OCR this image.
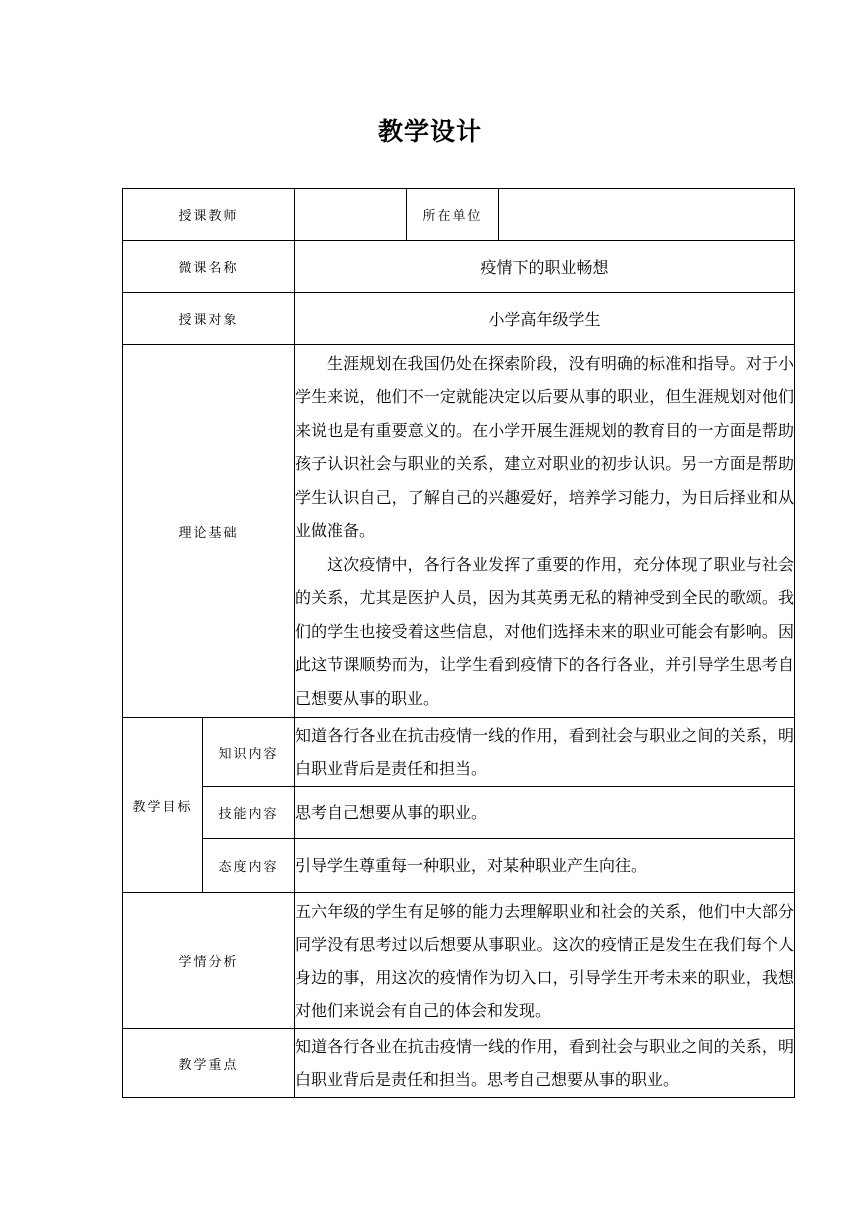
教学设计
授课教师			所在单位	
微课名称		疫情下的职业畅想		
授课对象		小学高年级学生		
理论基础		生涯规划在我国仍处在探索阶段，没有明确的标准和指导。对于小学生来说，他们不一定就能决定以后要从事的职业，但生涯规划对他们来说也是有重要意义的。在小学开展生涯规划的教育目的一方面是帮助孩子认识社会与职业的关系，建立对职业的初步认识。另一方面是帮助学生认识自己，了解自己的兴趣爱好，培养学习能力，为日后择业和从业做准备。

这次疫情中，各行各业发挥了重要的作用，充分体现了职业与社会的关系，尤其是医护人员，因为其英勇无私的精神受到全民的歌颂。我们的学生也接受着这些信息，对他们选择未来的职业可能会有影响。因此这节课顺势而为，让学生看到疫情下的各行各业，并引导学生思考自己想要从事的职业。		

教学目标	知识内容	知道各行各业在抗击疫情一线的作用，看到社会与职业之间的关系，明白职业背后是责任和担当。		
	技能内容	思考自己想要从事的职业。		
	态度内容	引导学生尊重每一种职业，对某种职业产生向往。		
学情分析		五六年级的学生有足够的能力去理解职业和社会的关系，他们中大部分同学没有思考过以后想要从事职业。这次的疫情正是发生在我们每个人身边的事，用这次的疫情作为切入口，引导学生开考未来的职业，我想对他们来说会有自己的体会和发现。		
教学重点		知道各行各业在抗击疫情一线的作用，看到社会与职业之间的关系，明白职业背后是责任和担当。思考自己想要从事的职业。		
